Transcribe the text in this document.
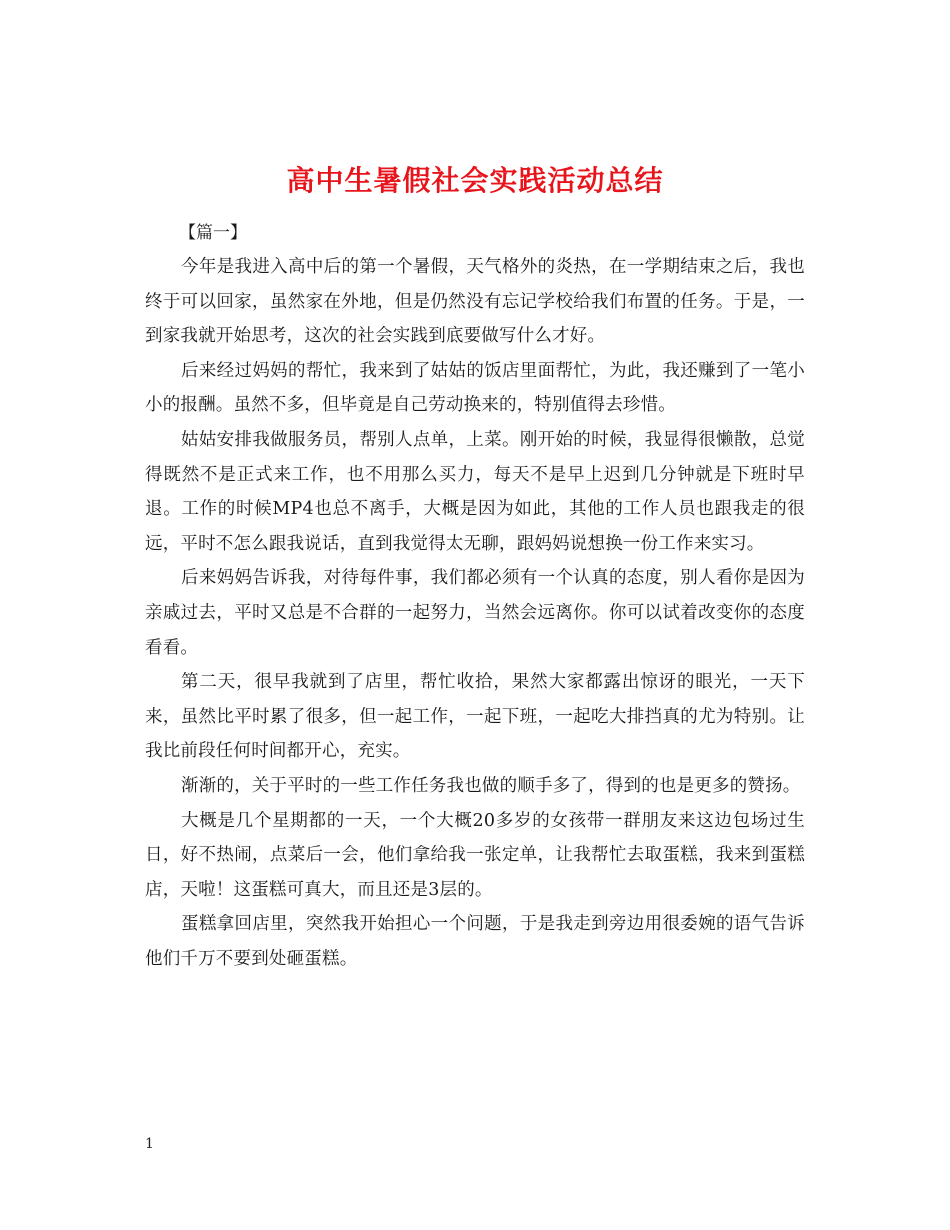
高中生暑假社会实践活动总结

【篇一】

今年是我进入高中后的第一个暑假，天气格外的炎热，在一学期结束之后，我也终于可以回家，虽然家在外地，但是仍然没有忘记学校给我们布置的任务。于是，一到家我就开始思考，这次的社会实践到底要做写什么才好。

后来经过妈妈的帮忙，我来到了姑姑的饭店里面帮忙，为此，我还赚到了一笔小小的报酬。虽然不多，但毕竟是自己劳动换来的，特别值得去珍惜。

姑姑安排我做服务员，帮别人点单，上菜。刚开始的时候，我显得很懒散，总觉得既然不是正式来工作，也不用那么买力，每天不是早上迟到几分钟就是下班时早退。工作的时候MP4也总不离手，大概是因为如此，其他的工作人员也跟我走的很远，平时不怎么跟我说话，直到我觉得太无聊，跟妈妈说想换一份工作来实习。

后来妈妈告诉我，对待每件事，我们都必须有一个认真的态度，别人看你是因为亲戚过去，平时又总是不合群的一起努力，当然会远离你。你可以试着改变你的态度看看。

第二天，很早我就到了店里，帮忙收拾，果然大家都露出惊讶的眼光，一天下来，虽然比平时累了很多，但一起工作，一起下班，一起吃大排挡真的尤为特别。让我比前段任何时间都开心，充实。

渐渐的，关于平时的一些工作任务我也做的顺手多了，得到的也是更多的赞扬。

大概是几个星期都的一天，一个大概20多岁的女孩带一群朋友来这边包场过生日，好不热闹，点菜后一会，他们拿给我一张定单，让我帮忙去取蛋糕，我来到蛋糕店，天啦！这蛋糕可真大，而且还是3层的。

蛋糕拿回店里，突然我开始担心一个问题，于是我走到旁边用很委婉的语气告诉他们千万不要到处砸蛋糕。

1
